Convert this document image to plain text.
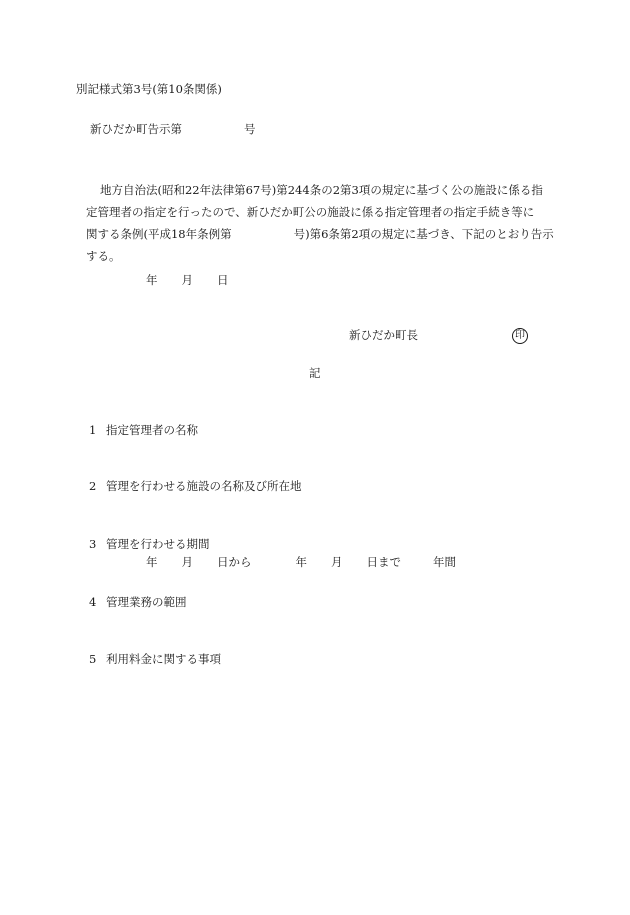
別記様式第3号(第10条関係)
新ひだか町告示第	号
地方自治法(昭和22年法律第67号)第244条の2第3項の規定に基づく公の施設に係る指
定管理者の指定を行ったので、新ひだか町公の施設に係る指定管理者の指定手続き等に
関する条例(平成18年条例第	号)第6条第2項の規定に基づき、下記のとおり告示
する。
年 月 日
新ひだか町長	印
記
1 指定管理者の名称
2 管理を行わせる施設の名称及び所在地
3 管理を行わせる期間
年 月 日から	年 月 日まで	年間
4 管理業務の範囲
5 利用料金に関する事項
